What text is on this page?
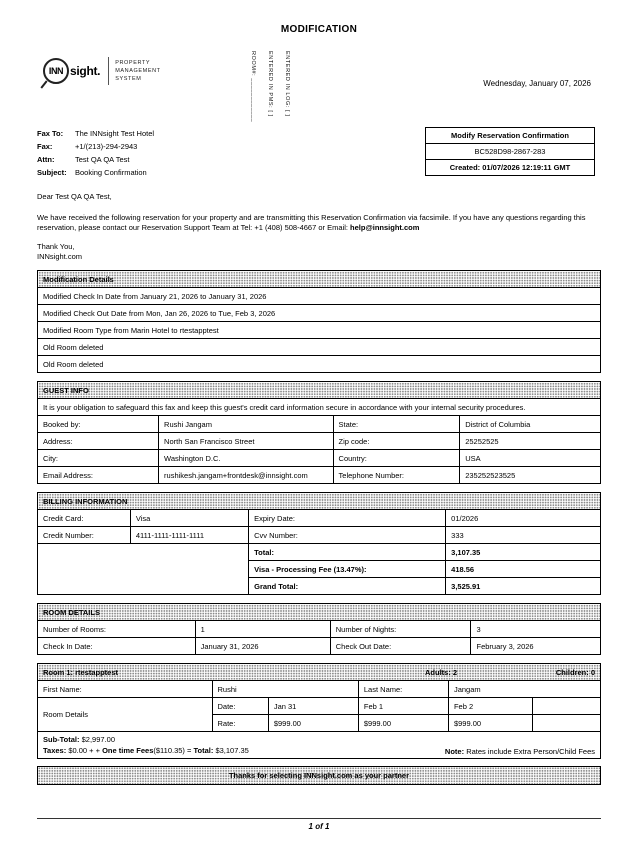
MODIFICATION
INN sight.
PROPERTY
MANAGEMENT
SYSTEM	ROOM#: ____________ ENTERED IN PMS: [ ] ENTERED IN LOG: [ ]	Wednesday, January 07, 2026
Fax To:	The INNsight Test Hotel
Fax:	+1/(213)-294-2943
Attn:	Test QA QA Test
Subject:	Booking Confirmation
Modify Reservation Confirmation
BC528D98-2867-283
Created: 01/07/2026 12:19:11 GMT
Dear Test QA QA Test,
We have received the following reservation for your property and are transmitting this Reservation Confirmation via facsimile. If you have any questions regarding this reservation, please contact our Reservation Support Team at Tel: +1 (408) 508-4667 or Email: help@innsight.com
Thank You,
INNsight.com
Modification Details
Modified Check In Date from January 21, 2026 to January 31, 2026
Modified Check Out Date from Mon, Jan 26, 2026 to Tue, Feb 3, 2026
Modified Room Type from Marin Hotel to rtestapptest
Old Room deleted
Old Room deleted
GUEST INFO			
It is your obligation to safeguard this fax and keep this guest's credit card information secure in accordance with your internal security procedures.			
Booked by:	Rushi Jangam	State:	District of Columbia
Address:	North San Francisco Street	Zip code:	25252525
City:	Washington D.C.	Country:	USA
Email Address:	rushikesh.jangam+frontdesk@innsight.com	Telephone Number:	235252523525
BILLING INFORMATION			
Credit Card:	Visa	Expiry Date:	01/2026
Credit Number:	4111-1111-1111-1111	Cvv Number:	333
		Total:	3,107.35
		Visa - Processing Fee (13.47%):	418.56
		Grand Total:	3,525.91
ROOM DETAILS			
Number of Rooms:	1	Number of Nights:	3
Check In Date:	January 31, 2026	Check Out Date:	February 3, 2026
Room 1: rtestapptest Adults: 2 Children: 0					

First Name:	Rushi		Last Name:	Jangam	
Room Details	Date:	Jan 31	Feb 1	Feb 2	
	Rate:	$999.00	$999.00	$999.00	

Sub-Total: $2,997.00
Taxes: $0.00 + + One time Fees($110.35) = Total: $3,107.35 Note: Rates include Extra Person/Child Fees					
Thanks for selecting INNsight.com as your partner
1 of 1
